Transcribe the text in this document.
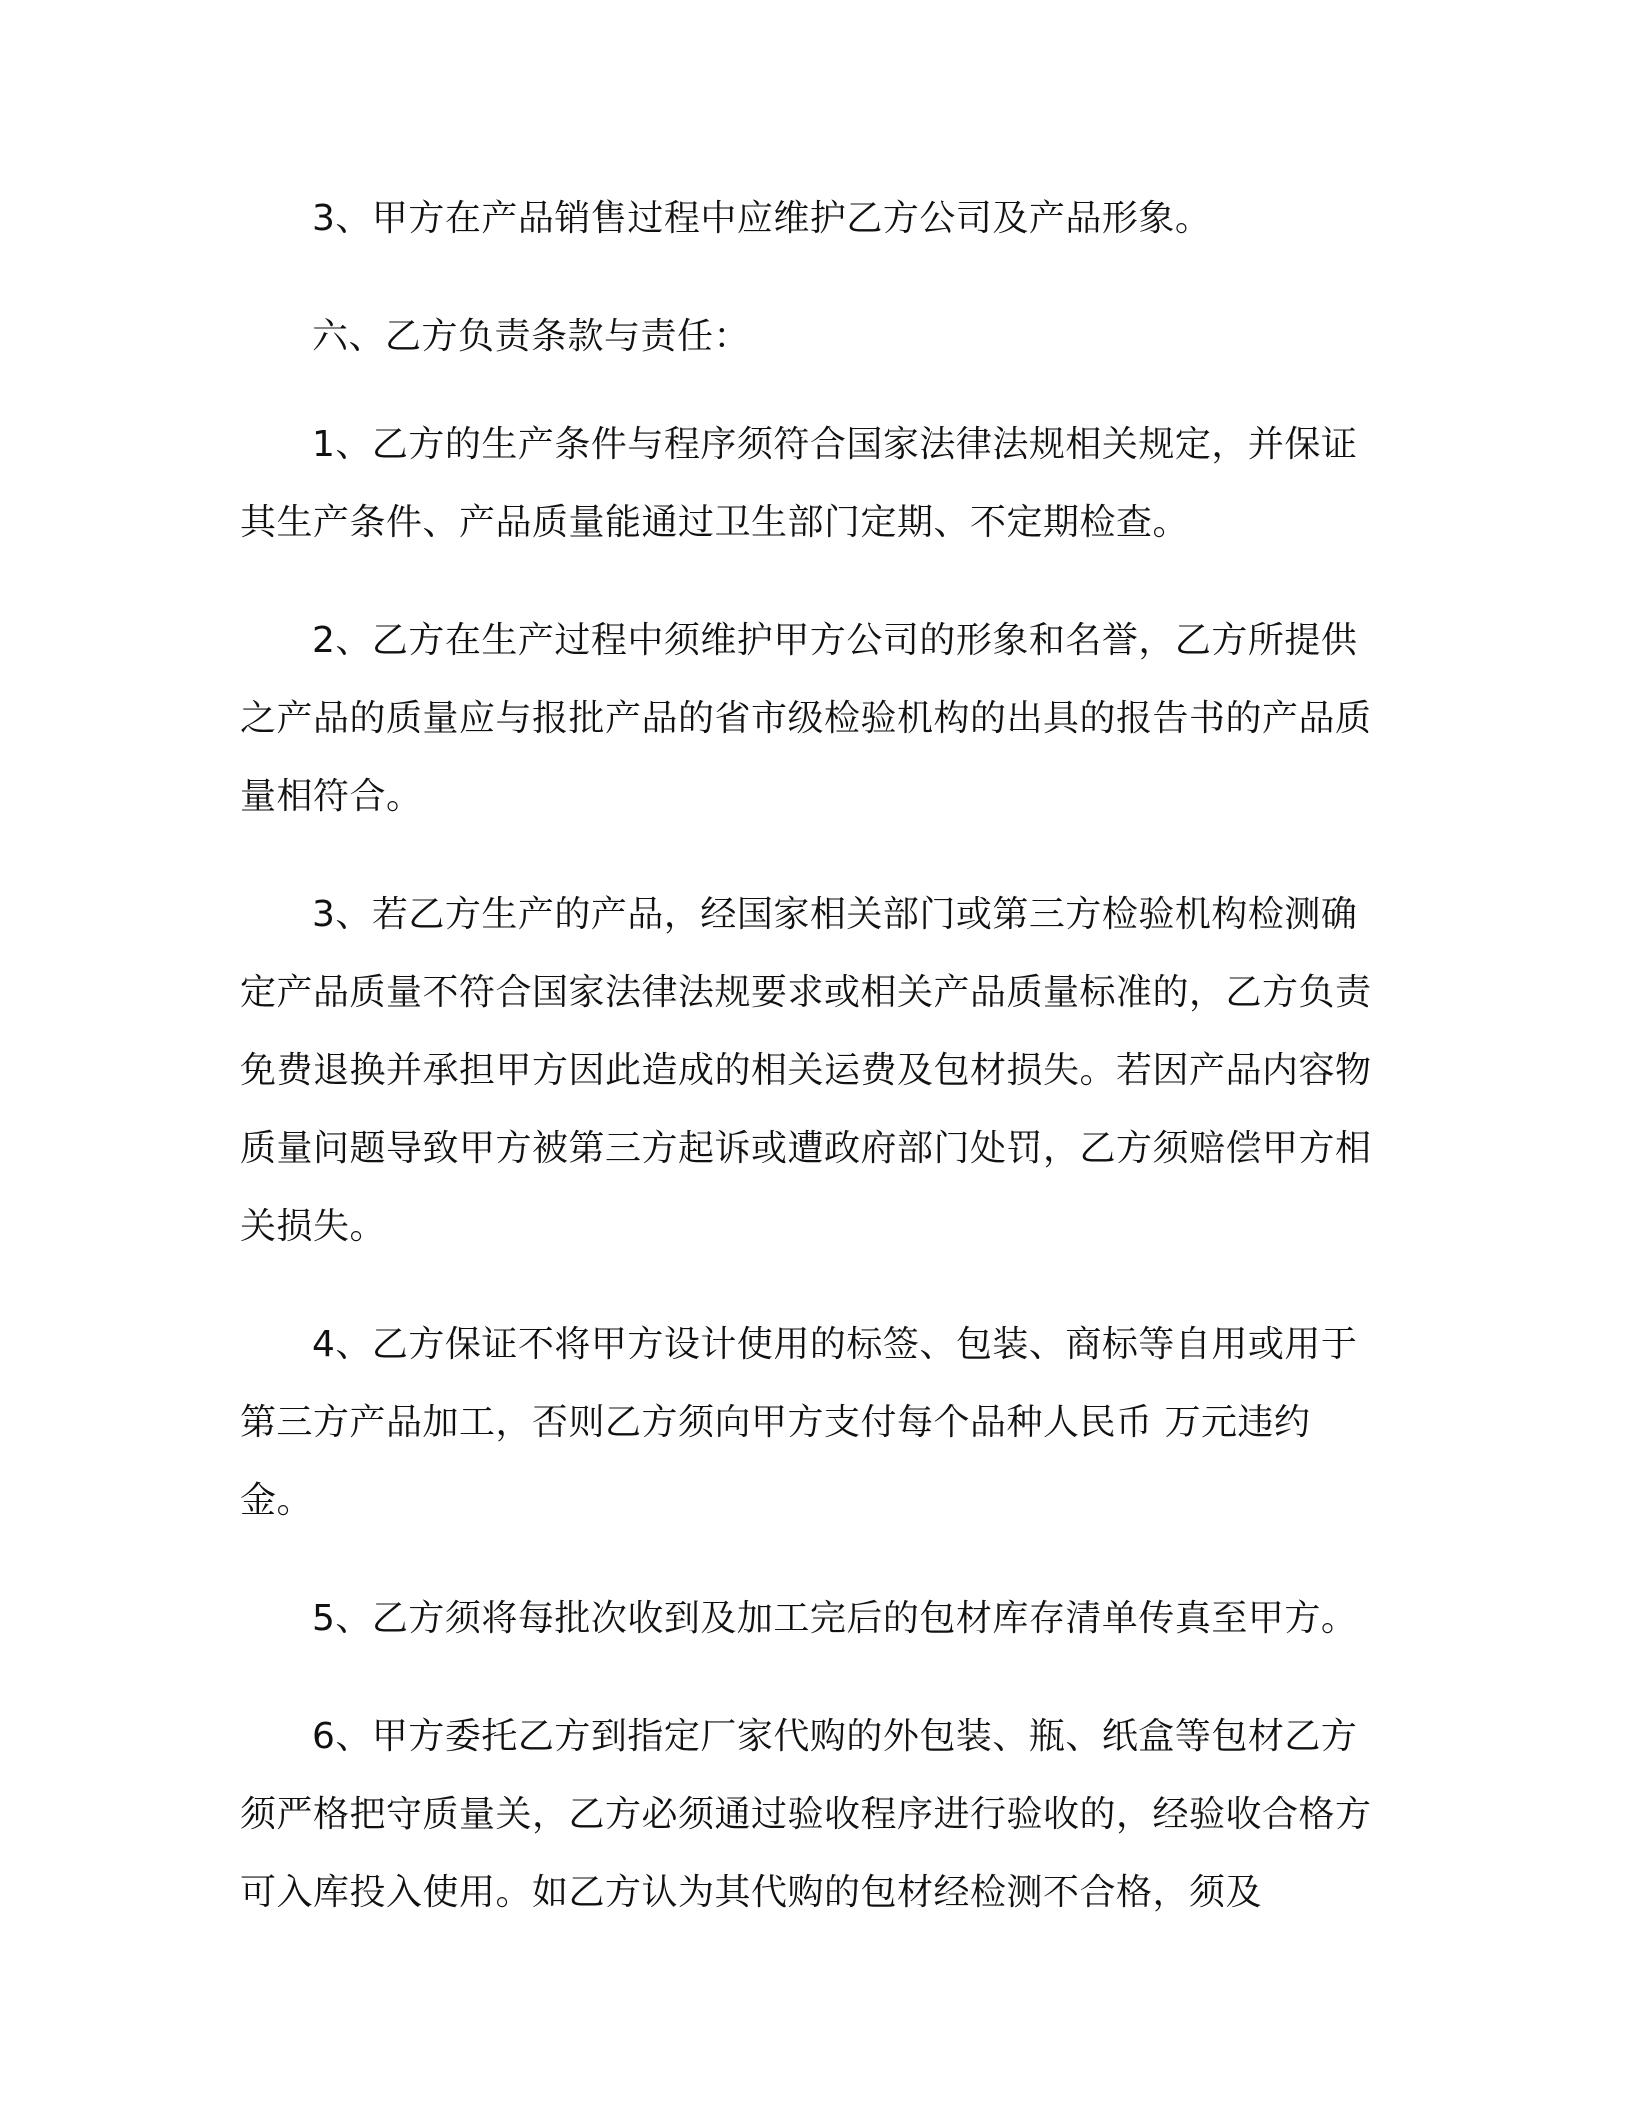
3、甲方在产品销售过程中应维护乙方公司及产品形象。

六、乙方负责条款与责任：

1、乙方的生产条件与程序须符合国家法律法规相关规定，并保证其生产条件、产品质量能通过卫生部门定期、不定期检查。

2、乙方在生产过程中须维护甲方公司的形象和名誉，乙方所提供之产品的质量应与报批产品的省市级检验机构的出具的报告书的产品质量相符合。

3、若乙方生产的产品，经国家相关部门或第三方检验机构检测确定产品质量不符合国家法律法规要求或相关产品质量标准的，乙方负责免费退换并承担甲方因此造成的相关运费及包材损失。若因产品内容物质量问题导致甲方被第三方起诉或遭政府部门处罚，乙方须赔偿甲方相关损失。

4、乙方保证不将甲方设计使用的标签、包装、商标等自用或用于第三方产品加工，否则乙方须向甲方支付每个品种人民币 万元违约金。

5、乙方须将每批次收到及加工完后的包材库存清单传真至甲方。

6、甲方委托乙方到指定厂家代购的外包装、瓶、纸盒等包材乙方须严格把守质量关，乙方必须通过验收程序进行验收的，经验收合格方可入库投入使用。如乙方认为其代购的包材经检测不合格，须及
